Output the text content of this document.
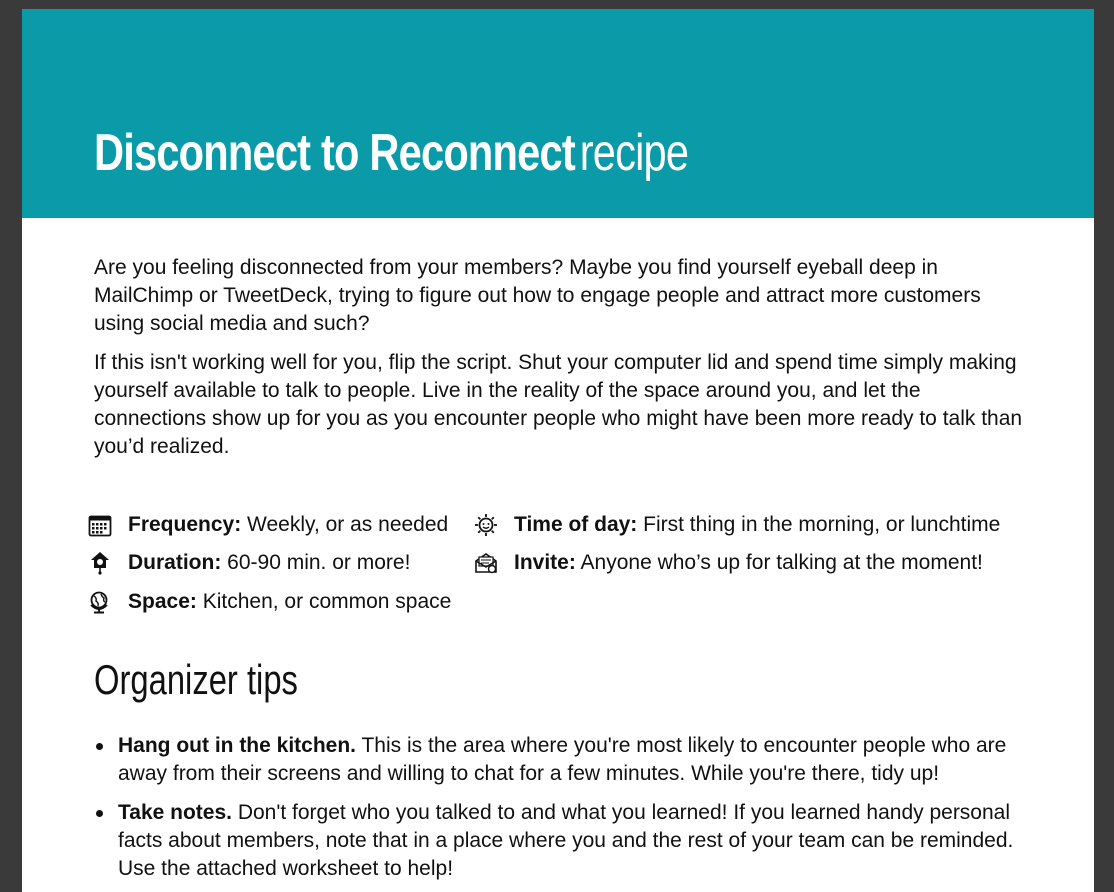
Disconnect to Reconnectrecipe

Are you feeling disconnected from your members? Maybe you find yourself eyeball deep in MailChimp or TweetDeck, trying to figure out how to engage people and attract more customers using social media and such?

If this isn't working well for you, flip the script. Shut your computer lid and spend time simply making yourself available to talk to people. Live in the reality of the space around you, and let the connections show up for you as you encounter people who might have been more ready to talk than you’d realized.

Frequency: Weekly, or as needed
Duration: 60-90 min. or more!
Space: Kitchen, or common space
Time of day: First thing in the morning, or lunchtime
Invite: Anyone who’s up for talking at the moment!
Organizer tips
Hang out in the kitchen. This is the area where you're most likely to encounter people who are away from their screens and willing to chat for a few minutes. While you're there, tidy up!
Take notes. Don't forget who you talked to and what you learned! If you learned handy personal facts about members, note that in a place where you and the rest of your team can be reminded. Use the attached worksheet to help!
